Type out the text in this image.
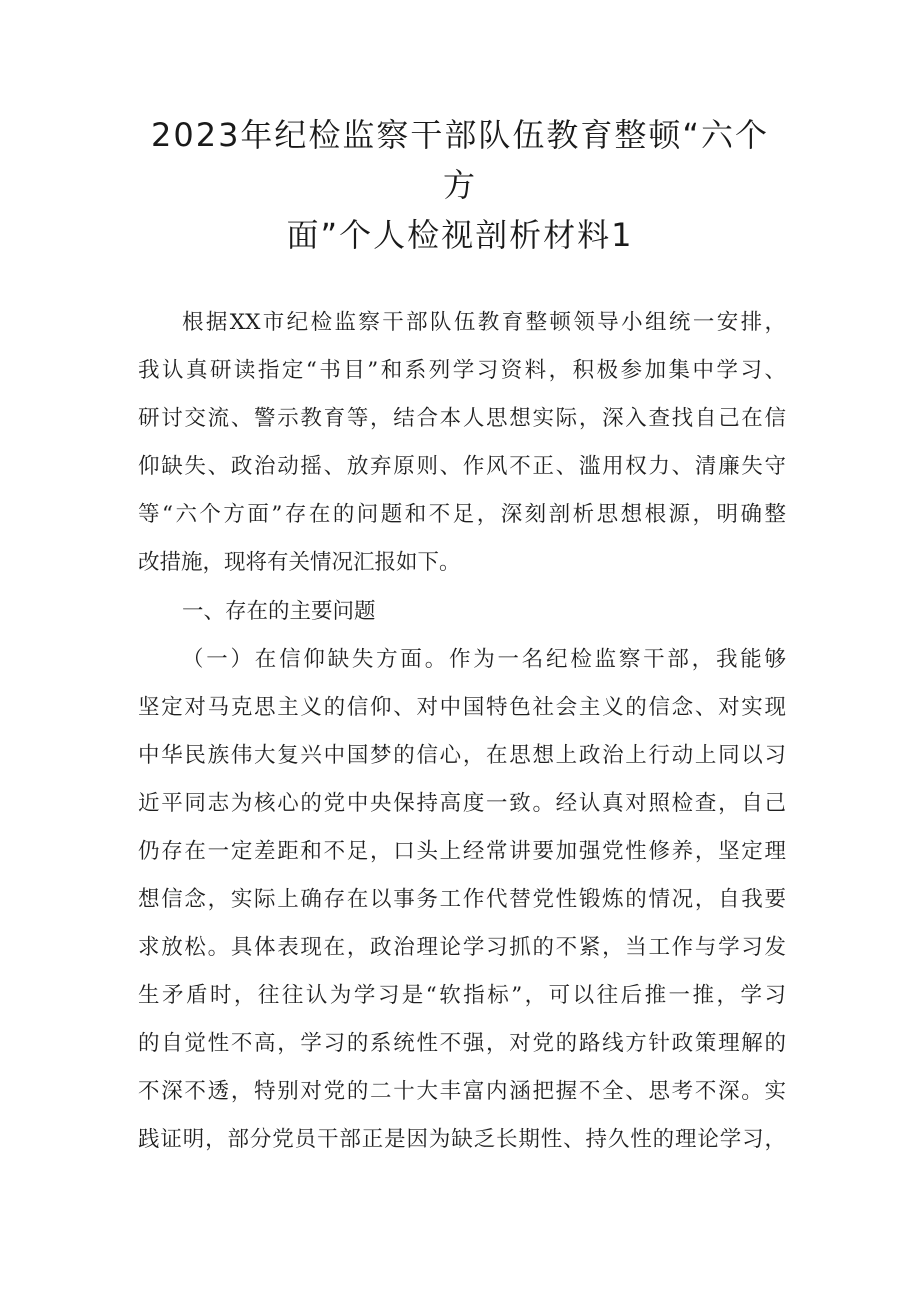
2023年纪检监察干部队伍教育整顿“六个
方
面”个人检视剖析材料1
根据XX市纪检监察干部队伍教育整顿领导小组统一安排，
我认真研读指定“书目”和系列学习资料，积极参加集中学习、
研讨交流、警示教育等，结合本人思想实际，深入查找自己在信
仰缺失、政治动摇、放弃原则、作风不正、滥用权力、清廉失守
等“六个方面”存在的问题和不足，深刻剖析思想根源，明确整
改措施，现将有关情况汇报如下。
一、存在的主要问题
（一）在信仰缺失方面。作为一名纪检监察干部，我能够
坚定对马克思主义的信仰、对中国特色社会主义的信念、对实现
中华民族伟大复兴中国梦的信心，在思想上政治上行动上同以习
近平同志为核心的党中央保持高度一致。经认真对照检查，自己
仍存在一定差距和不足，口头上经常讲要加强党性修养，坚定理
想信念，实际上确存在以事务工作代替党性锻炼的情况，自我要
求放松。具体表现在，政治理论学习抓的不紧，当工作与学习发
生矛盾时，往往认为学习是“软指标”，可以往后推一推，学习
的自觉性不高，学习的系统性不强，对党的路线方针政策理解的
不深不透，特别对党的二十大丰富内涵把握不全、思考不深。实
践证明，部分党员干部正是因为缺乏长期性、持久性的理论学习，
